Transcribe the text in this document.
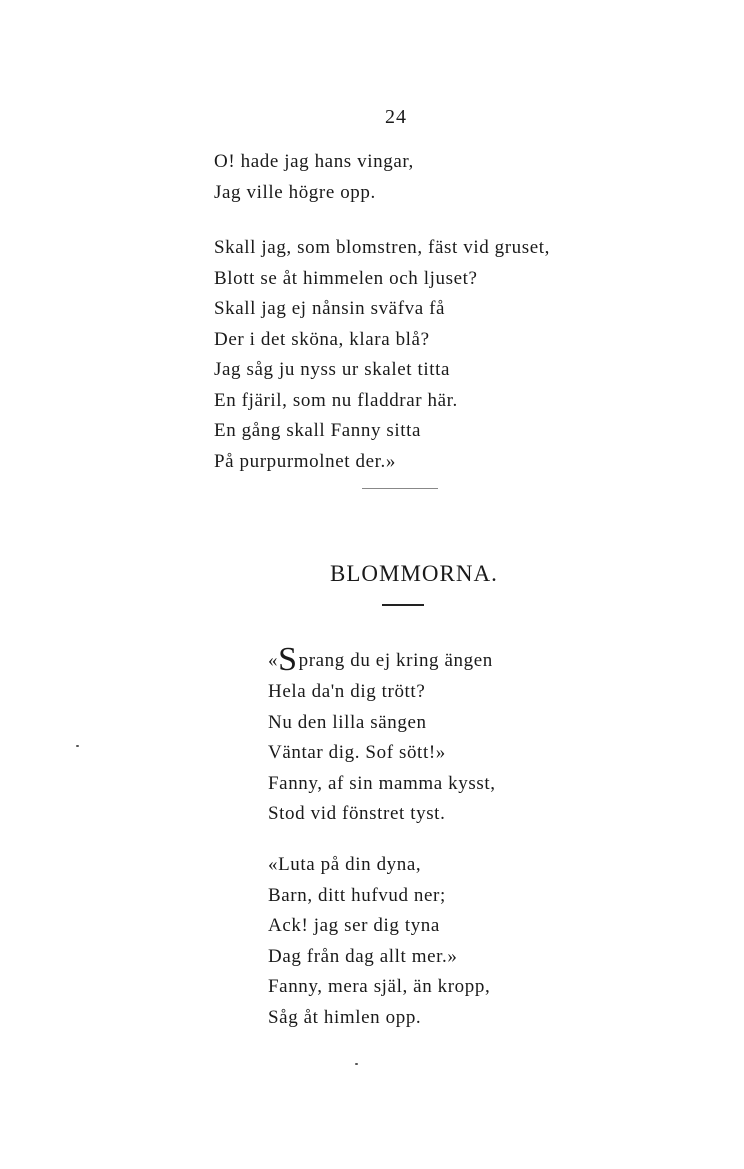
24
O! hade jag hans vingar,
Jag ville högre opp.
Skall jag, som blomstren, fäst vid gruset,
Blott se åt himmelen och ljuset?
Skall jag ej nånsin sväfva få
Der i det sköna, klara blå?
Jag såg ju nyss ur skalet titta
En fjäril, som nu fladdrar här.
En gång skall Fanny sitta
På purpurmolnet der.»
BLOMMORNA.
«Sprang du ej kring ängen
Hela da'n dig trött?
Nu den lilla sängen
Väntar dig. Sof sött!»
Fanny, af sin mamma kysst,
Stod vid fönstret tyst.
«Luta på din dyna,
Barn, ditt hufvud ner;
Ack! jag ser dig tyna
Dag från dag allt mer.»
Fanny, mera själ, än kropp,
Såg åt himlen opp.
